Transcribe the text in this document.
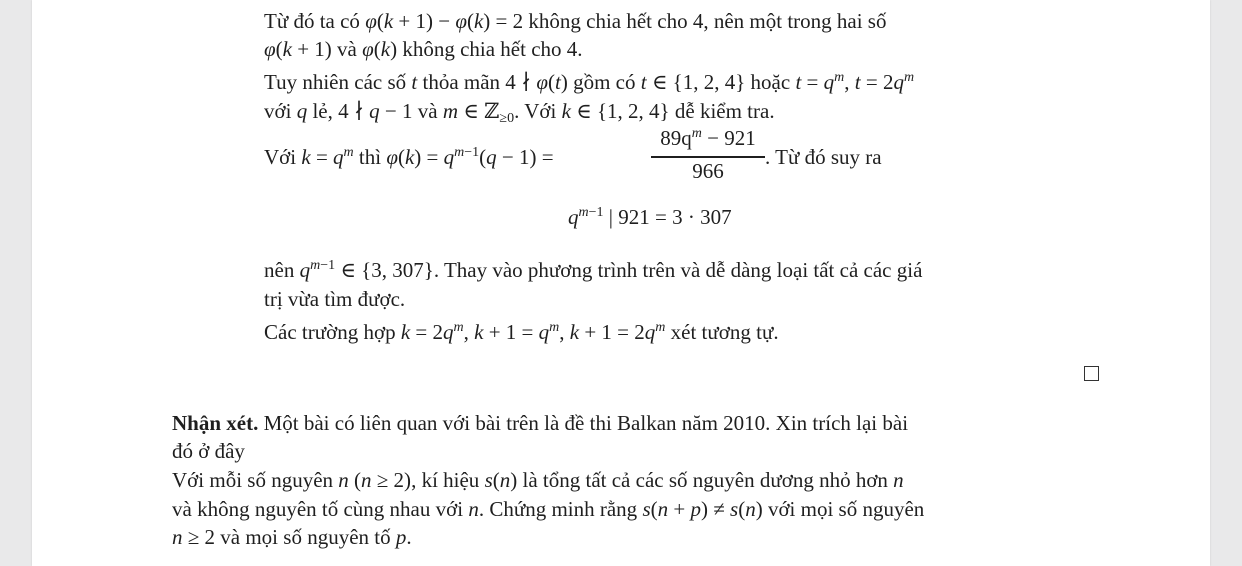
Từ đó ta có φ(k + 1) − φ(k) = 2 không chia hết cho 4, nên một trong hai số
φ(k + 1) và φ(k) không chia hết cho 4.
Tuy nhiên các số t thỏa mãn 4 ∤ φ(t) gồm có t ∈ {1, 2, 4} hoặc $t = q^m$, $t = 2q^m$
với q lẻ, 4 ∤ q − 1 và m ∈ ℤ$_{\ge 0}$. Với k ∈ {1, 2, 4} dễ kiểm tra.
Với $k = q^m$ thì $\varphi(k) = q^{m-1}(q - 1)$ =
$89q^m - 921$
966
. Từ đó suy ra
$q^{m-1}$ | 921 = 3 · 307
nên $q^{m-1}$ ∈ {3, 307}. Thay vào phương trình trên và dễ dàng loại tất cả các giá
trị vừa tìm được.
Các trường hợp $k = 2q^m$, $k + 1 = q^m$, $k + 1 = 2q^m$ xét tương tự.
Nhận xét. Một bài có liên quan với bài trên là đề thi Balkan năm 2010. Xin trích lại bài
đó ở đây
Với mỗi số nguyên n (n ≥ 2), kí hiệu s(n) là tổng tất cả các số nguyên dương nhỏ hơn n
và không nguyên tố cùng nhau với n. Chứng minh rằng s(n + p) ≠ s(n) với mọi số nguyên
n ≥ 2 và mọi số nguyên tố p.
